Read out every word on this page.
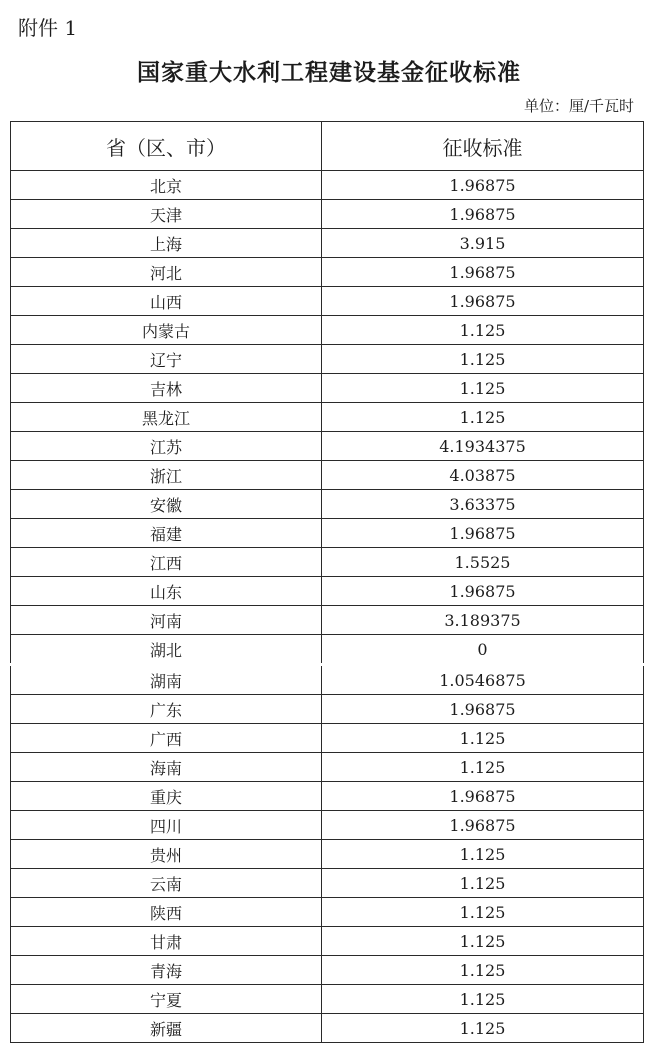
附件 1
国家重大水利工程建设基金征收标准
单位：厘/千瓦时
省（区、市）	征收标准
北京	1.96875
天津	1.96875
上海	3.915
河北	1.96875
山西	1.96875
内蒙古	1.125
辽宁	1.125
吉林	1.125
黑龙江	1.125
江苏	4.1934375
浙江	4.03875
安徽	3.63375
福建	1.96875
江西	1.5525
山东	1.96875
河南	3.189375
湖北	0
湖南	1.0546875
广东	1.96875
广西	1.125
海南	1.125
重庆	1.96875
四川	1.96875
贵州	1.125
云南	1.125
陕西	1.125
甘肃	1.125
青海	1.125
宁夏	1.125
新疆	1.125
